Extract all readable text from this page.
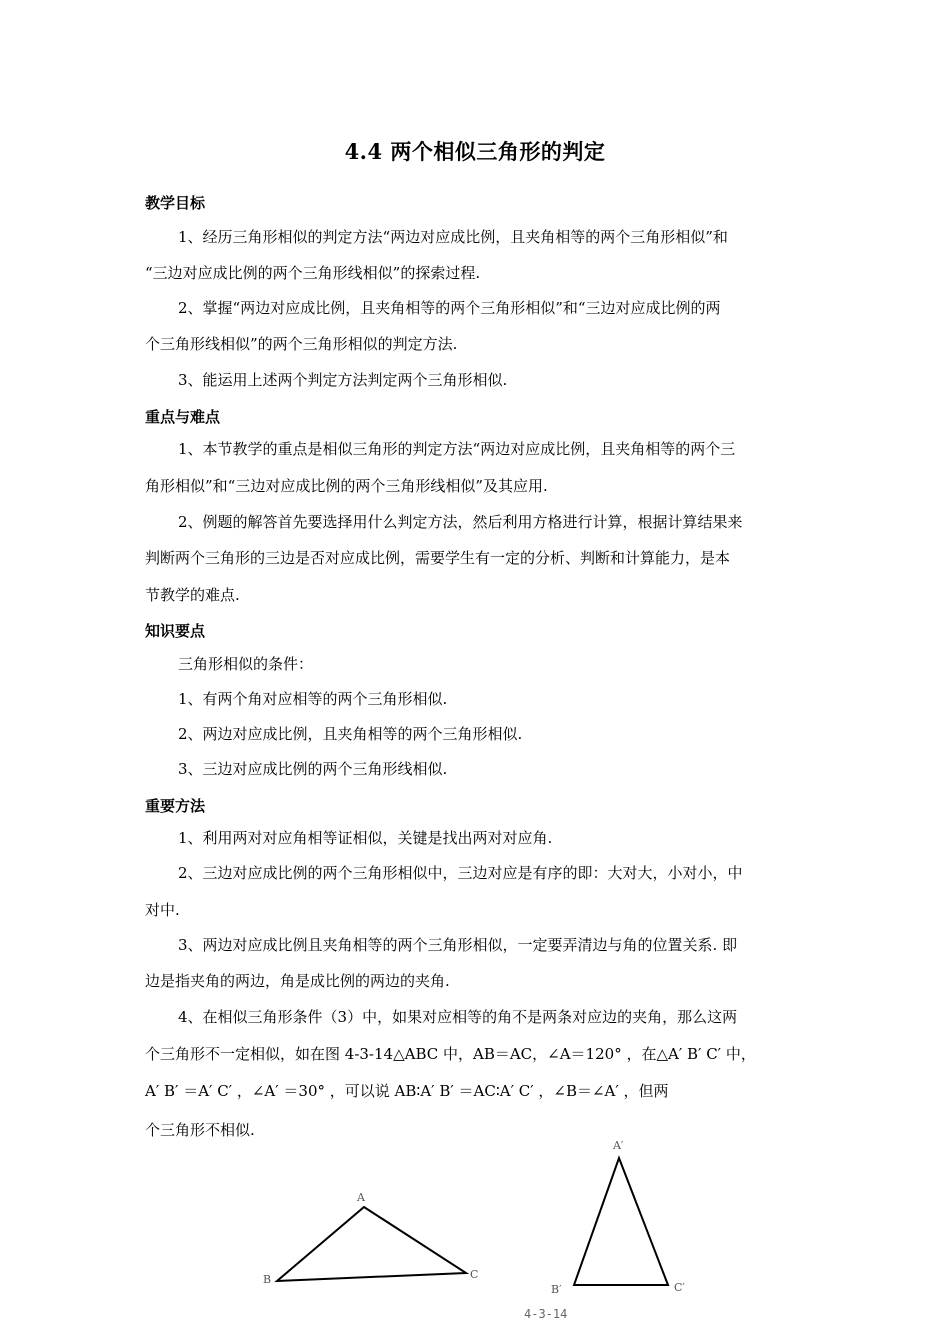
4.4 两个相似三角形的判定
教学目标
1、经历三角形相似的判定方法“两边对应成比例，且夹角相等的两个三角形相似”和
“三边对应成比例的两个三角形线相似”的探索过程.
2、掌握“两边对应成比例，且夹角相等的两个三角形相似”和“三边对应成比例的两
个三角形线相似”的两个三角形相似的判定方法.
3、能运用上述两个判定方法判定两个三角形相似.
重点与难点
1、本节教学的重点是相似三角形的判定方法“两边对应成比例，且夹角相等的两个三
角形相似”和“三边对应成比例的两个三角形线相似”及其应用.
2、例题的解答首先要选择用什么判定方法，然后利用方格进行计算，根据计算结果来
判断两个三角形的三边是否对应成比例，需要学生有一定的分析、判断和计算能力，是本
节教学的难点.
知识要点
三角形相似的条件：
1、有两个角对应相等的两个三角形相似.
2、两边对应成比例，且夹角相等的两个三角形相似.
3、三边对应成比例的两个三角形线相似.
重要方法
1、利用两对对应角相等证相似，关键是找出两对对应角.
2、三边对应成比例的两个三角形相似中，三边对应是有序的即：大对大，小对小，中
对中.
3、两边对应成比例且夹角相等的两个三角形相似，一定要弄清边与角的位置关系. 即
边是指夹角的两边，角是成比例的两边的夹角.
4、在相似三角形条件（3）中，如果对应相等的角不是两条对应边的夹角，那么这两
个三角形不一定相似，如在图 4-3-14△ABC 中，AB＝AC，∠A＝120° ，在△A′ B′ C′ 中，
A′ B′ ＝A′ C′ ，∠A′ ＝30° ，可以说 AB∶A′ B′ ＝AC∶A′ C′ ，∠B＝∠A′ ，但两
个三角形不相似.
A
B	C
A′
B′	C′
4-3-14
